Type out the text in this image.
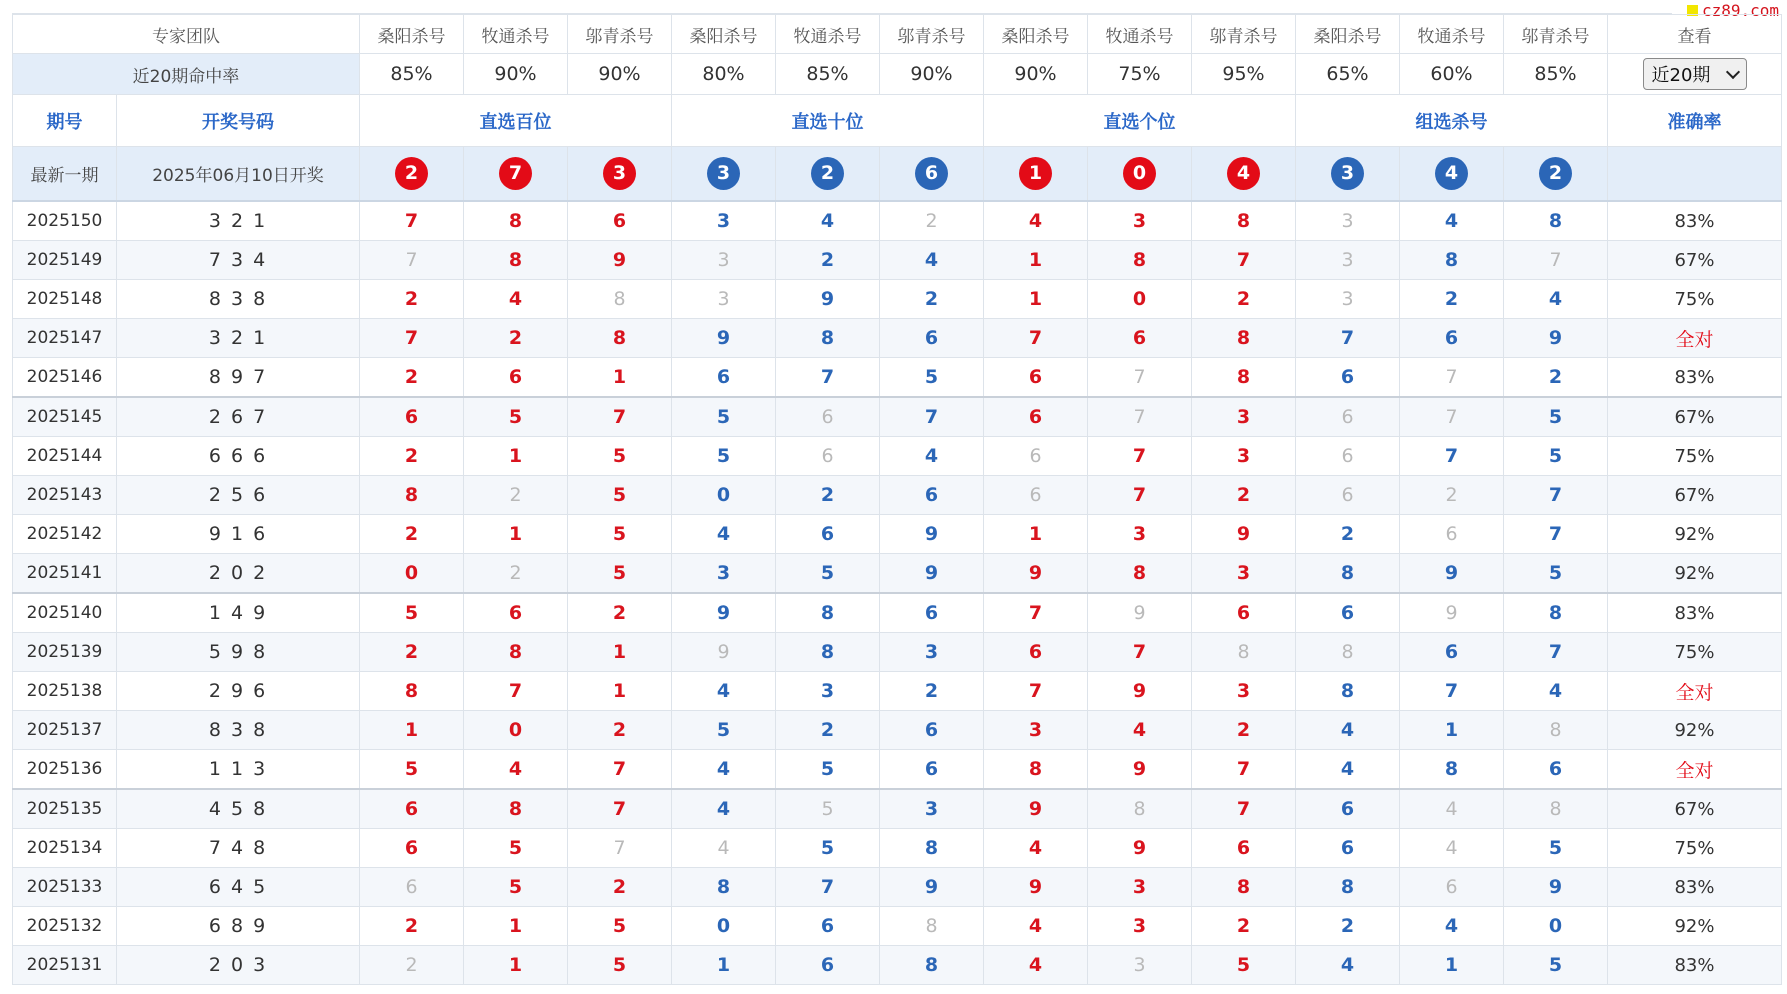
cz89.com
专家团队		桑阳杀号	牧通杀号	邬青杀号	桑阳杀号	牧通杀号	邬青杀号	桑阳杀号	牧通杀号	邬青杀号	桑阳杀号	牧通杀号	邬青杀号	查看
近20期命中率		85%	90%	90%	80%	85%	90%	90%	75%	95%	65%	60%	85%	近20期

期号	开奖号码	直选百位			直选十位			直选个位			组选杀号			准确率
最新一期	2025年06月10日开奖	2	7	3	3	2	6	1	0	4	3	4	2	
2025150	3 2 1	7	8	6	3	4	2	4	3	8	3	4	8	83%
2025149	7 3 4	7	8	9	3	2	4	1	8	7	3	8	7	67%
2025148	8 3 8	2	4	8	3	9	2	1	0	2	3	2	4	75%
2025147	3 2 1	7	2	8	9	8	6	7	6	8	7	6	9	全对
2025146	8 9 7	2	6	1	6	7	5	6	7	8	6	7	2	83%
2025145	2 6 7	6	5	7	5	6	7	6	7	3	6	7	5	67%
2025144	6 6 6	2	1	5	5	6	4	6	7	3	6	7	5	75%
2025143	2 5 6	8	2	5	0	2	6	6	7	2	6	2	7	67%
2025142	9 1 6	2	1	5	4	6	9	1	3	9	2	6	7	92%
2025141	2 0 2	0	2	5	3	5	9	9	8	3	8	9	5	92%
2025140	1 4 9	5	6	2	9	8	6	7	9	6	6	9	8	83%
2025139	5 9 8	2	8	1	9	8	3	6	7	8	8	6	7	75%
2025138	2 9 6	8	7	1	4	3	2	7	9	3	8	7	4	全对
2025137	8 3 8	1	0	2	5	2	6	3	4	2	4	1	8	92%
2025136	1 1 3	5	4	7	4	5	6	8	9	7	4	8	6	全对
2025135	4 5 8	6	8	7	4	5	3	9	8	7	6	4	8	67%
2025134	7 4 8	6	5	7	4	5	8	4	9	6	6	4	5	75%
2025133	6 4 5	6	5	2	8	7	9	9	3	8	8	6	9	83%
2025132	6 8 9	2	1	5	0	6	8	4	3	2	2	4	0	92%
2025131	2 0 3	2	1	5	1	6	8	4	3	5	4	1	5	83%
